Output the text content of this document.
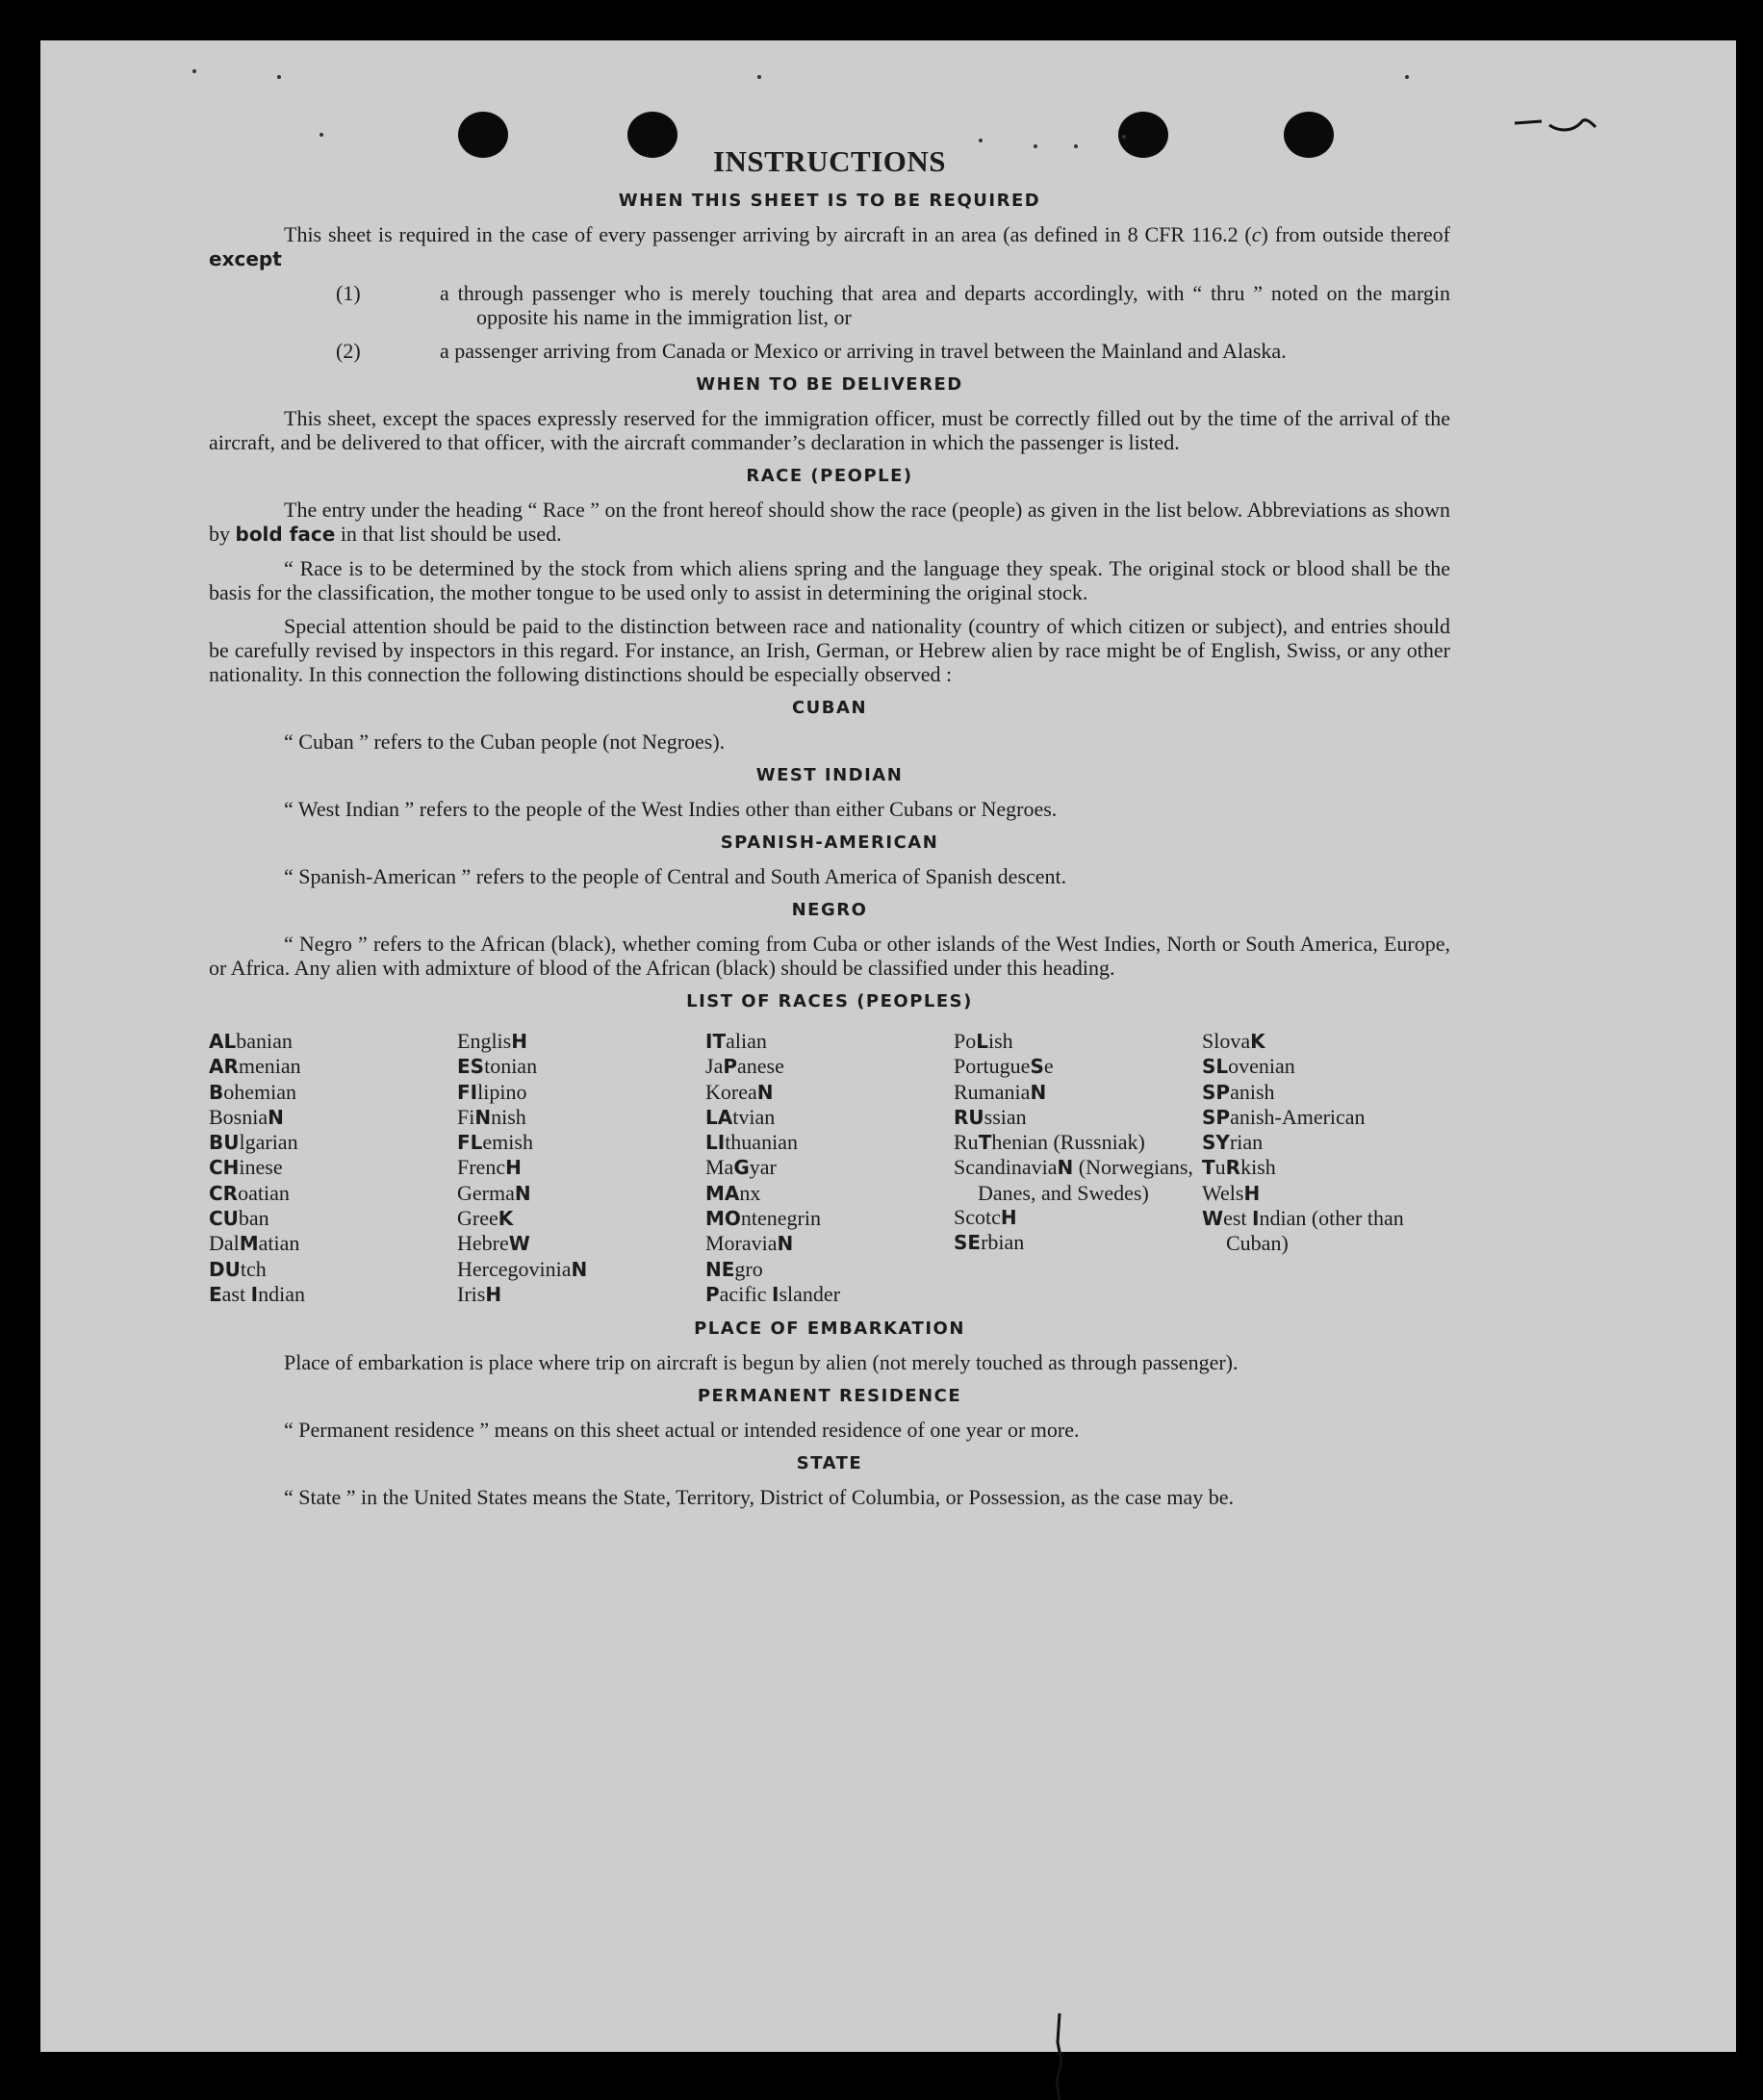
INSTRUCTIONS
WHEN THIS SHEET IS TO BE REQUIRED

This sheet is required in the case of every passenger arriving by aircraft in an area (as defined in 8 CFR 116.2 (c) from outside thereof except

(1)	a through passenger who is merely touching that area and departs accordingly, with “ thru ” noted on the margin opposite his name in the immigration list, or
(2)	a passenger arriving from Canada or Mexico or arriving in travel between the Mainland and Alaska.
WHEN TO BE DELIVERED

This sheet, except the spaces expressly reserved for the immigration officer, must be correctly filled out by the time of the arrival of the aircraft, and be delivered to that officer, with the aircraft commander’s declaration in which the passenger is listed.

RACE (PEOPLE)

The entry under the heading “ Race ” on the front hereof should show the race (people) as given in the list below. Abbreviations as shown by bold face in that list should be used.

“ Race is to be determined by the stock from which aliens spring and the language they speak. The original stock or blood shall be the basis for the classification, the mother tongue to be used only to assist in determining the original stock.

Special attention should be paid to the distinction between race and nationality (country of which citizen or subject), and entries should be carefully revised by inspectors in this regard. For instance, an Irish, German, or Hebrew alien by race might be of English, Swiss, or any other nationality. In this connection the following distinctions should be especially observed :

CUBAN

“ Cuban ” refers to the Cuban people (not Negroes).

WEST INDIAN

“ West Indian ” refers to the people of the West Indies other than either Cubans or Negroes.

SPANISH-AMERICAN

“ Spanish-American ” refers to the people of Central and South America of Spanish descent.

NEGRO

“ Negro ” refers to the African (black), whether coming from Cuba or other islands of the West Indies, North or South America, Europe, or Africa. Any alien with admixture of blood of the African (black) should be classified under this heading.

LIST OF RACES (PEOPLES)
ALbanian
ARmenian
Bohemian
BosniaN
BUlgarian
CHinese
CRoatian
CUban
DalMatian
DUtch
East Indian
EnglisH
EStonian
FIlipino
FiNnish
FLemish
FrencH
GermaN
GreeK
HebreW
HercegoviniaN
IrisH
ITalian
JaPanese
KoreaN
LAtvian
LIthuanian
MaGyar
MAnx
MOntenegrin
MoraviaN
NEgro
Pacific Islander
PoLish
PortugueSe
RumaniaN
RUssian
RuThenian (Russniak)
ScandinaviaN (Norwegians, Danes, and Swedes)
ScotcH
SErbian
SlovaK
SLovenian
SPanish
SPanish-American
SYrian
TuRkish
WelsH
West Indian (other than Cuban)
PLACE OF EMBARKATION

Place of embarkation is place where trip on aircraft is begun by alien (not merely touched as through passenger).

PERMANENT RESIDENCE

“ Permanent residence ” means on this sheet actual or intended residence of one year or more.

STATE

“ State ” in the United States means the State, Territory, District of Columbia, or Possession, as the case may be.
